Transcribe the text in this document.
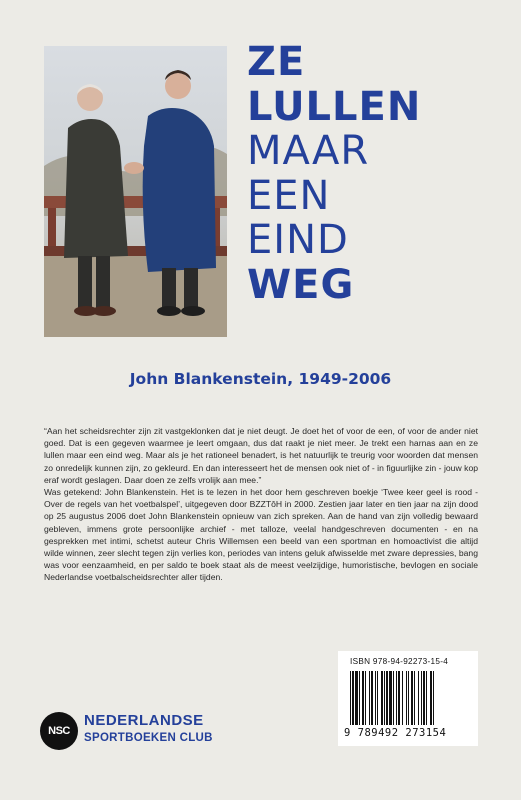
ZE
LULLEN
MAAR
EEN
EIND
WEG
John Blankenstein, 1949-2006

“Aan het scheidsrechter zijn zit vastgeklonken dat je niet deugt. Je doet het of voor de een, of voor de ander niet goed. Dat is een gegeven waarmee je leert omgaan, dus dat raakt je niet meer. Je trekt een harnas aan en ze lullen maar een eind weg. Maar als je het rationeel benadert, is het natuurlijk te treurig voor woorden dat mensen zo onredelijk kunnen zijn, zo gekleurd. En dan interesseert het de mensen ook niet of - in figuurlijke zin - jouw kop eraf wordt geslagen. Daar doen ze zelfs vrolijk aan mee.”

Was getekend: John Blankenstein. Het is te lezen in het door hem geschreven boekje ‘Twee keer geel is rood - Over de regels van het voetbalspel’, uitgegeven door BZZTôH in 2000. Zestien jaar later en tien jaar na zijn dood op 25 augustus 2006 doet John Blankenstein opnieuw van zich spreken. Aan de hand van zijn volledig bewaard gebleven, immens grote persoonlijke archief - met talloze, veelal handgeschreven documenten - en na gesprekken met intimi, schetst auteur Chris Willemsen een beeld van een sportman en homoactivist die altijd wilde winnen, zeer slecht tegen zijn verlies kon, periodes van intens geluk afwisselde met zware depressies, bang was voor eenzaamheid, en per saldo te boek staat als de meest veelzijdige, humoristische, bevlogen en sociale Nederlandse voetbalscheidsrechter aller tijden.

NSC
NEDERLANDSE
SPORTBOEKEN CLUB
ISBN 978-94-92273-15-4
9 789492 273154
